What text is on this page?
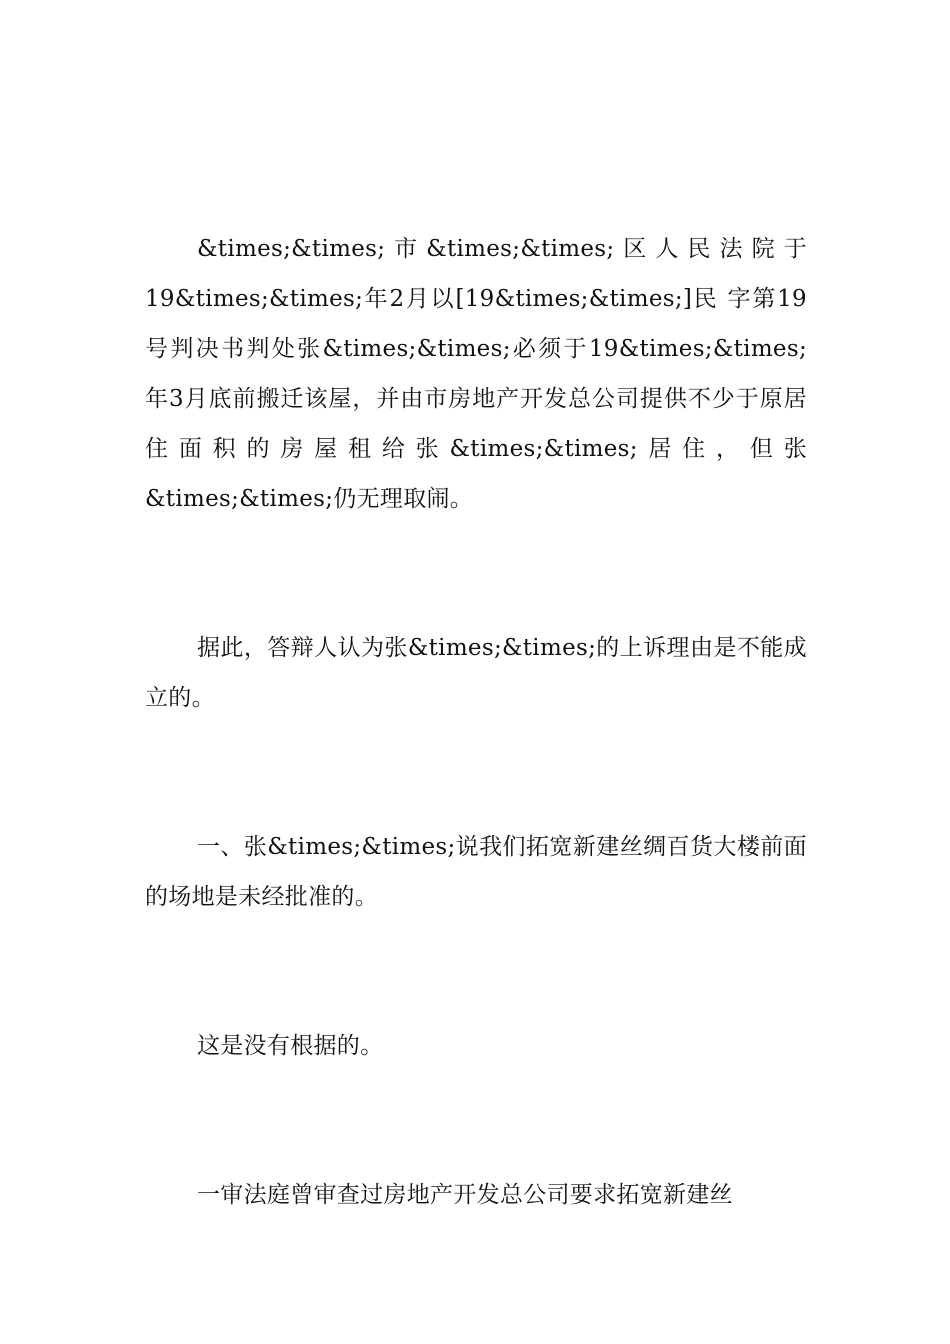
&times;&times;市&times;&times;区人民法院于19&times;&times;年2月以[19&times;&times;]民 字第19号判决书判处张&times;&times;必须于19&times;&times;年3月底前搬迁该屋，并由市房地产开发总公司提供不少于原居住面积的房屋租给张&times;&times;居住，但张&times;&times;仍无理取闹。

据此，答辩人认为张&times;&times;的上诉理由是不能成立的。

一、张&times;&times;说我们拓宽新建丝绸百货大楼前面的场地是未经批准的。

这是没有根据的。

一审法庭曾审查过房地产开发总公司要求拓宽新建丝
